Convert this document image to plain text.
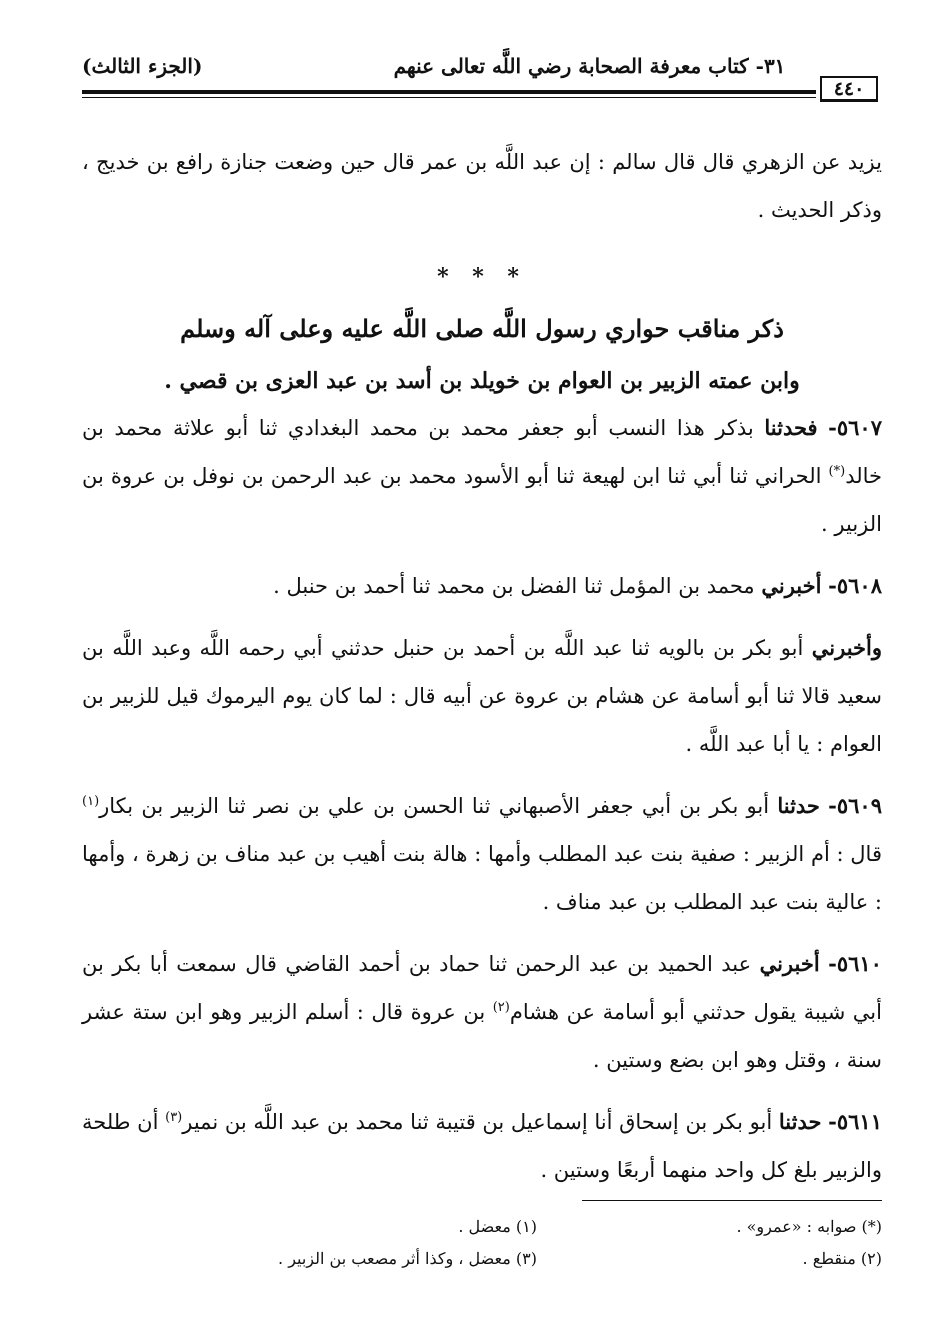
٣١- كتاب معرفة الصحابة رضي اللَّه تعالى عنهم
(الجزء الثالث)
٤٤٠

يزيد عن الزهري قال قال سالم : إن عبد اللَّه بن عمر قال حين وضعت جنازة رافع بن خديج ، وذكر الحديث .

* * *
ذكر مناقب حواري رسول اللَّه صلى اللَّه عليه وعلى آله وسلم
وابن عمته الزبير بن العوام بن خويلد بن أسد بن عبد العزى بن قصي .

٥٦٠٧- فحدثنا بذكر هذا النسب أبو جعفر محمد بن محمد البغدادي ثنا أبو علاثة محمد بن خالد(*) الحراني ثنا أبي ثنا ابن لهيعة ثنا أبو الأسود محمد بن عبد الرحمن بن نوفل بن عروة بن الزبير .

٥٦٠٨- أخبرني محمد بن المؤمل ثنا الفضل بن محمد ثنا أحمد بن حنبل .

وأخبرني أبو بكر بن بالويه ثنا عبد اللَّه بن أحمد بن حنبل حدثني أبي رحمه اللَّه وعبد اللَّه بن سعيد قالا ثنا أبو أسامة عن هشام بن عروة عن أبيه قال : لما كان يوم اليرموك قيل للزبير بن العوام : يا أبا عبد اللَّه .

٥٦٠٩- حدثنا أبو بكر بن أبي جعفر الأصبهاني ثنا الحسن بن علي بن نصر ثنا الزبير بن بكار$^{(١)}$ قال : أم الزبير : صفية بنت عبد المطلب وأمها : هالة بنت أهيب بن عبد مناف بن زهرة ، وأمها : عالية بنت عبد المطلب بن عبد مناف .

٥٦١٠- أخبرني عبد الحميد بن عبد الرحمن ثنا حماد بن أحمد القاضي قال سمعت أبا بكر بن أبي شيبة يقول حدثني أبو أسامة عن هشام$^{(٢)}$ بن عروة قال : أسلم الزبير وهو ابن ستة عشر سنة ، وقتل وهو ابن بضع وستين .

٥٦١١- حدثنا أبو بكر بن إسحاق أنا إسماعيل بن قتيبة ثنا محمد بن عبد اللَّه بن نمير$^{(٣)}$ أن طلحة والزبير بلغ كل واحد منهما أربعًا وستين .

(*) صوابه : «عمرو» .
(١) معضل .
(٢) منقطع .
(٣) معضل ، وكذا أثر مصعب بن الزبير .
